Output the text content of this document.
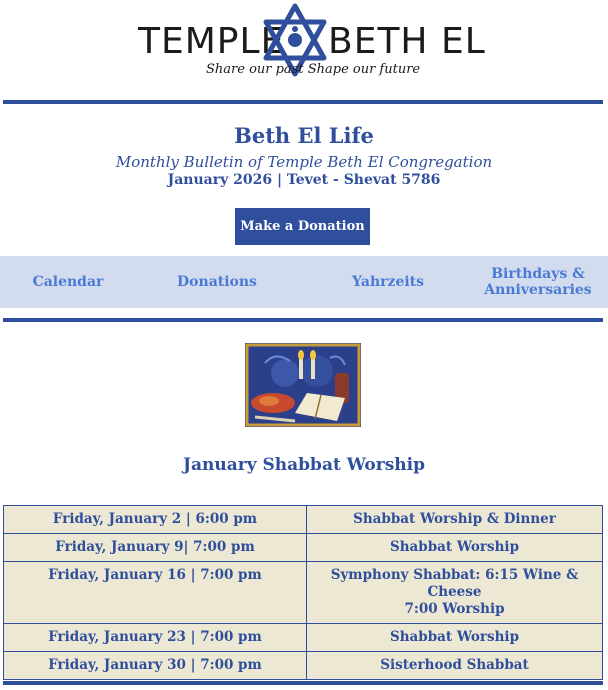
TEMPLE BETH EL
Share our past Shape our future
Beth El Life
Monthly Bulletin of Temple Beth El Congregation
January 2026 | Tevet - Shevat 5786
Make a Donation
Calendar	Donations	Yahrzeits	Birthdays &
Anniversaries
January Shabbat Worship
Friday, January 2 | 6:00 pm	Shabbat Worship & Dinner
Friday, January 9| 7:00 pm	Shabbat Worship
Friday, January 16 | 7:00 pm	Symphony Shabbat: 6:15 Wine & Cheese
7:00 Worship
Friday, January 23 | 7:00 pm	Shabbat Worship
Friday, January 30 | 7:00 pm	Sisterhood Shabbat
